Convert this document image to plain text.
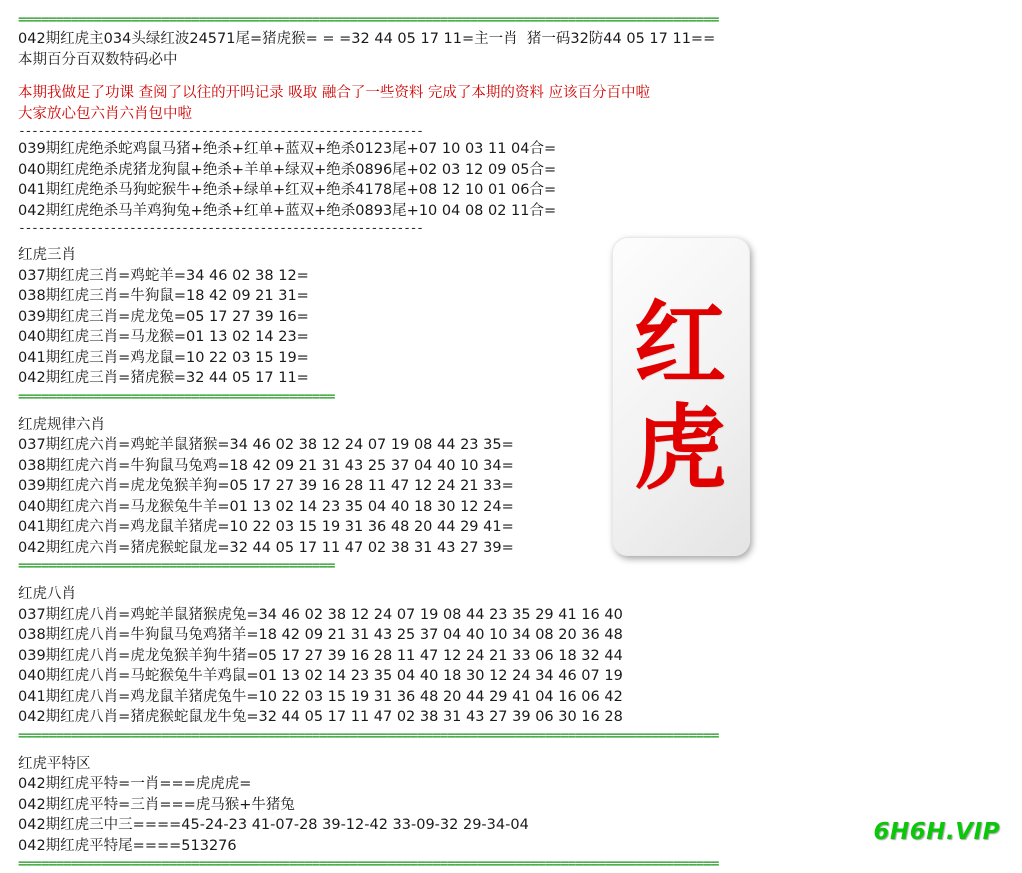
=============================================================================================
042期红虎主034头绿红波24571尾=猪虎猴= = =32 44 05 17 11=主一肖  猪一码32防44 05 17 11==
本期百分百双数特码必中
本期我做足了功课 查阅了以往的开吗记录 吸取 融合了一些资料 完成了本期的资料 应该百分百中啦
大家放心包六肖六肖包中啦
--------------------------------------------------------------
039期红虎绝杀蛇鸡鼠马猪+绝杀+红单+蓝双+绝杀0123尾+07 10 03 11 04合=
040期红虎绝杀虎猪龙狗鼠+绝杀+羊单+绿双+绝杀0896尾+02 03 12 09 05合=
041期红虎绝杀马狗蛇猴牛+绝杀+绿单+红双+绝杀4178尾+08 12 10 01 06合=
042期红虎绝杀马羊鸡狗兔+绝杀+红单+蓝双+绝杀0893尾+10 04 08 02 11合=
--------------------------------------------------------------
红虎三肖
037期红虎三肖=鸡蛇羊=34 46 02 38 12=
038期红虎三肖=牛狗鼠=18 42 09 21 31=
039期红虎三肖=虎龙兔=05 17 27 39 16=
040期红虎三肖=马龙猴=01 13 02 14 23=
041期红虎三肖=鸡龙鼠=10 22 03 15 19=
042期红虎三肖=猪虎猴=32 44 05 17 11=
==========================================
红虎规律六肖
037期红虎六肖=鸡蛇羊鼠猪猴=34 46 02 38 12 24 07 19 08 44 23 35=
038期红虎六肖=牛狗鼠马兔鸡=18 42 09 21 31 43 25 37 04 40 10 34=
039期红虎六肖=虎龙兔猴羊狗=05 17 27 39 16 28 11 47 12 24 21 33=
040期红虎六肖=马龙猴兔牛羊=01 13 02 14 23 35 04 40 18 30 12 24=
041期红虎六肖=鸡龙鼠羊猪虎=10 22 03 15 19 31 36 48 20 44 29 41=
042期红虎六肖=猪虎猴蛇鼠龙=32 44 05 17 11 47 02 38 31 43 27 39=
==========================================
红虎八肖
037期红虎八肖=鸡蛇羊鼠猪猴虎兔=34 46 02 38 12 24 07 19 08 44 23 35 29 41 16 40
038期红虎八肖=牛狗鼠马兔鸡猪羊=18 42 09 21 31 43 25 37 04 40 10 34 08 20 36 48
039期红虎八肖=虎龙兔猴羊狗牛猪=05 17 27 39 16 28 11 47 12 24 21 33 06 18 32 44
040期红虎八肖=马蛇猴兔牛羊鸡鼠=01 13 02 14 23 35 04 40 18 30 12 24 34 46 07 19
041期红虎八肖=鸡龙鼠羊猪虎兔牛=10 22 03 15 19 31 36 48 20 44 29 41 04 16 06 42
042期红虎八肖=猪虎猴蛇鼠龙牛兔=32 44 05 17 11 47 02 38 31 43 27 39 06 30 16 28
=============================================================================================
红虎平特区
042期红虎平特=一肖===虎虎虎=
042期红虎平特=三肖===虎马猴+牛猪兔
042期红虎三中三====45-24-23 41-07-28 39-12-42 33-09-32 29-34-04
042期红虎平特尾====513276
=============================================================================================
红
虎
6H6H.VIP
